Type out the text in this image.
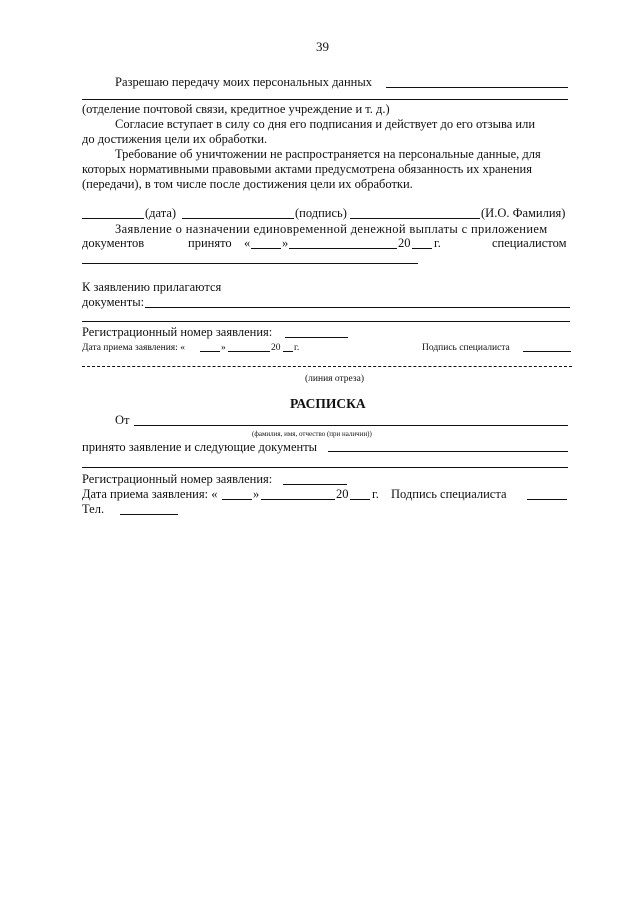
39
Разрешаю передачу моих персональных данных
(отделение почтовой связи, кредитное учреждение и т. д.)
Согласие вступает в силу со дня его подписания и действует до его отзыва или
до достижения цели их обработки.
Требование об уничтожении не распространяется на персональные данные, для
которых нормативными правовыми актами предусмотрена обязанность их хранения
(передачи), в том числе после достижения цели их обработки.
(дата)	(подпись)	(И.О. Фамилия)
Заявление о назначении единовременной денежной выплаты с приложением
документов	принято «	»	20 г.	специалистом
К заявлению прилагаются
документы:
Регистрационный номер заявления:
Дата приема заявления: «	»	20 г.	Подпись специалиста
(линия отреза)
РАСПИСКА
От
(фамилия, имя, отчество (при наличии))
принято заявление и следующие документы
Регистрационный номер заявления:
Дата приема заявления: «	»	20 г. Подпись специалиста
Тел.
